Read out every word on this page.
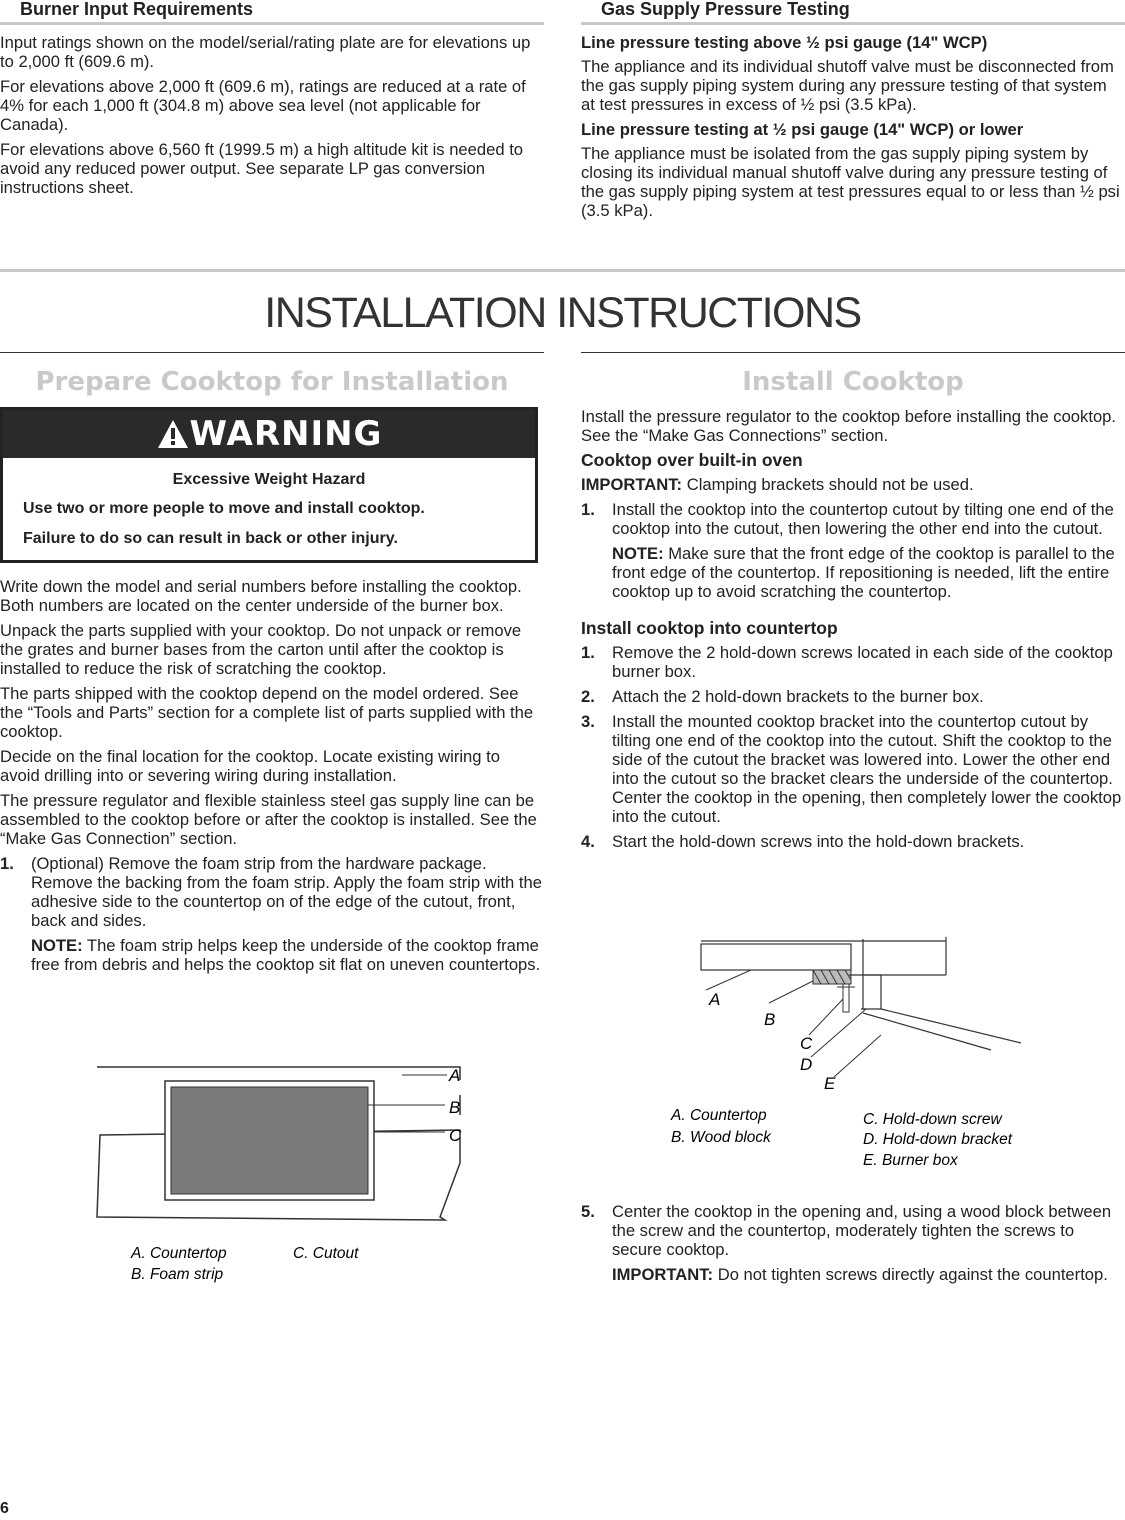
Burner Input Requirements

Input ratings shown on the model/serial/rating plate are for elevations up to 2,000 ft (609.6 m).

For elevations above 2,000 ft (609.6 m), ratings are reduced at a rate of 4% for each 1,000 ft (304.8 m) above sea level (not applicable for Canada).

For elevations above 6,560 ft (1999.5 m) a high altitude kit is needed to avoid any reduced power output. See separate LP gas conversion instructions sheet.

Gas Supply Pressure Testing
Line pressure testing above ½ psi gauge (14" WCP)

The appliance and its individual shutoff valve must be disconnected from the gas supply piping system during any pressure testing of that system at test pressures in excess of ½ psi (3.5 kPa).

Line pressure testing at ½ psi gauge (14" WCP) or lower

The appliance must be isolated from the gas supply piping system by closing its individual manual shutoff valve during any pressure testing of the gas supply piping system at test pressures equal to or less than ½ psi (3.5 kPa).

INSTALLATION INSTRUCTIONS
Prepare Cooktop for Installation
WARNING
Excessive Weight Hazard
Use two or more people to move and install cooktop.
Failure to do so can result in back or other injury.

Write down the model and serial numbers before installing the cooktop. Both numbers are located on the center underside of the burner box.

Unpack the parts supplied with your cooktop. Do not unpack or remove the grates and burner bases from the carton until after the cooktop is installed to reduce the risk of scratching the cooktop.

The parts shipped with the cooktop depend on the model ordered. See the “Tools and Parts” section for a complete list of parts supplied with the cooktop.

Decide on the final location for the cooktop. Locate existing wiring to avoid drilling into or severing wiring during installation.

The pressure regulator and flexible stainless steel gas supply line can be assembled to the cooktop before or after the cooktop is installed. See the “Make Gas Connection” section.

1. (Optional) Remove the foam strip from the hardware package. Remove the backing from the foam strip. Apply the foam strip with the adhesive side to the countertop on of the edge of the cutout, front, back and sides.
NOTE: The foam strip helps keep the underside of the cooktop frame free from debris and helps the cooktop sit flat on uneven countertops.
A
B
C
A. Countertop
B. Foam strip
C. Cutout
Install Cooktop

Install the pressure regulator to the cooktop before installing the cooktop. See the “Make Gas Connections” section.

Cooktop over built-in oven

IMPORTANT: Clamping brackets should not be used.

1. Install the cooktop into the countertop cutout by tilting one end of the cooktop into the cutout, then lowering the other end into the cutout.
NOTE: Make sure that the front edge of the cooktop is parallel to the front edge of the countertop. If repositioning is needed, lift the entire cooktop up to avoid scratching the countertop.
Install cooktop into countertop
1. Remove the 2 hold-down screws located in each side of the cooktop burner box.
2. Attach the 2 hold-down brackets to the burner box.
3. Install the mounted cooktop bracket into the countertop cutout by tilting one end of the cooktop into the cutout. Shift the cooktop to the side of the cutout the bracket was lowered into. Lower the other end into the cutout so the bracket clears the underside of the countertop. Center the cooktop in the opening, then completely lower the cooktop into the cutout.
4. Start the hold-down screws into the hold-down brackets.
A
B
C
D
E
A. Countertop
B. Wood block
C. Hold-down screw
D. Hold-down bracket
E. Burner box
5. Center the cooktop in the opening and, using a wood block between the screw and the countertop, moderately tighten the screws to secure cooktop.
IMPORTANT: Do not tighten screws directly against the countertop.
6
